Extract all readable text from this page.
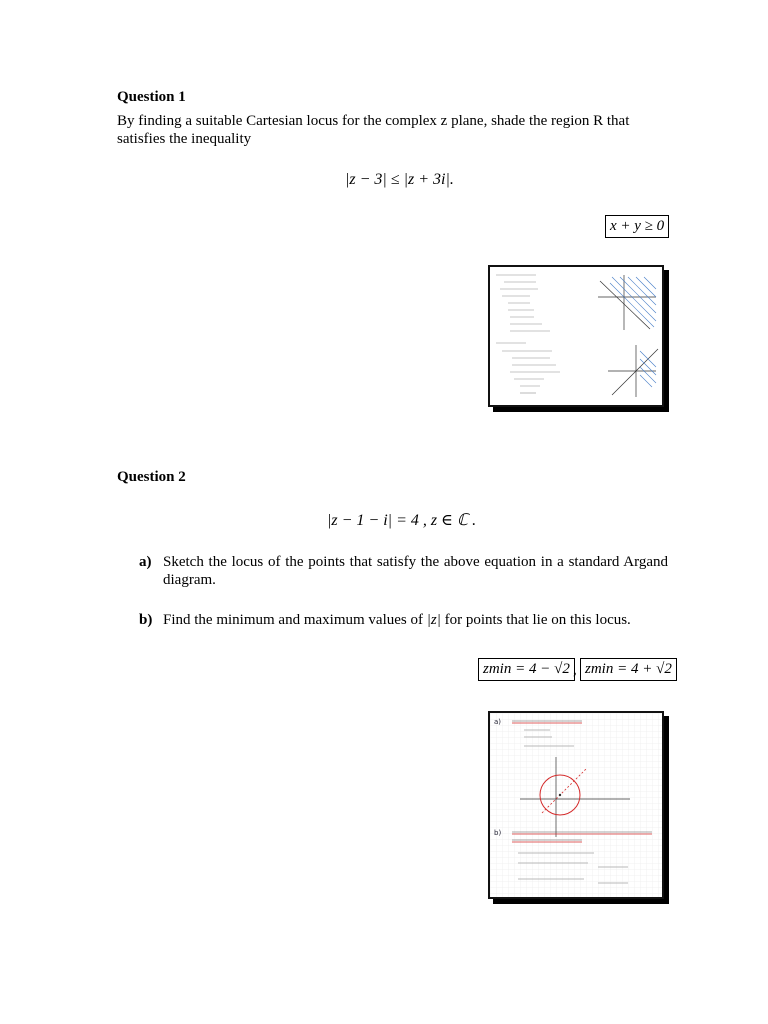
Question 1
By finding a suitable Cartesian locus for the complex z plane, shade the region R that satisfies the inequality
|z − 3| ≤ |z + 3i|.
x + y ≥ 0
Question 2
|z − 1 − i| = 4 , z ∈ ℂ .
a) Sketch the locus of the points that satisfy the above equation in a standard Argand diagram.
b) Find the minimum and maximum values of |z| for points that lie on this locus.
zmin = 4 − √2 , zmin = 4 + √2
a)
b)
